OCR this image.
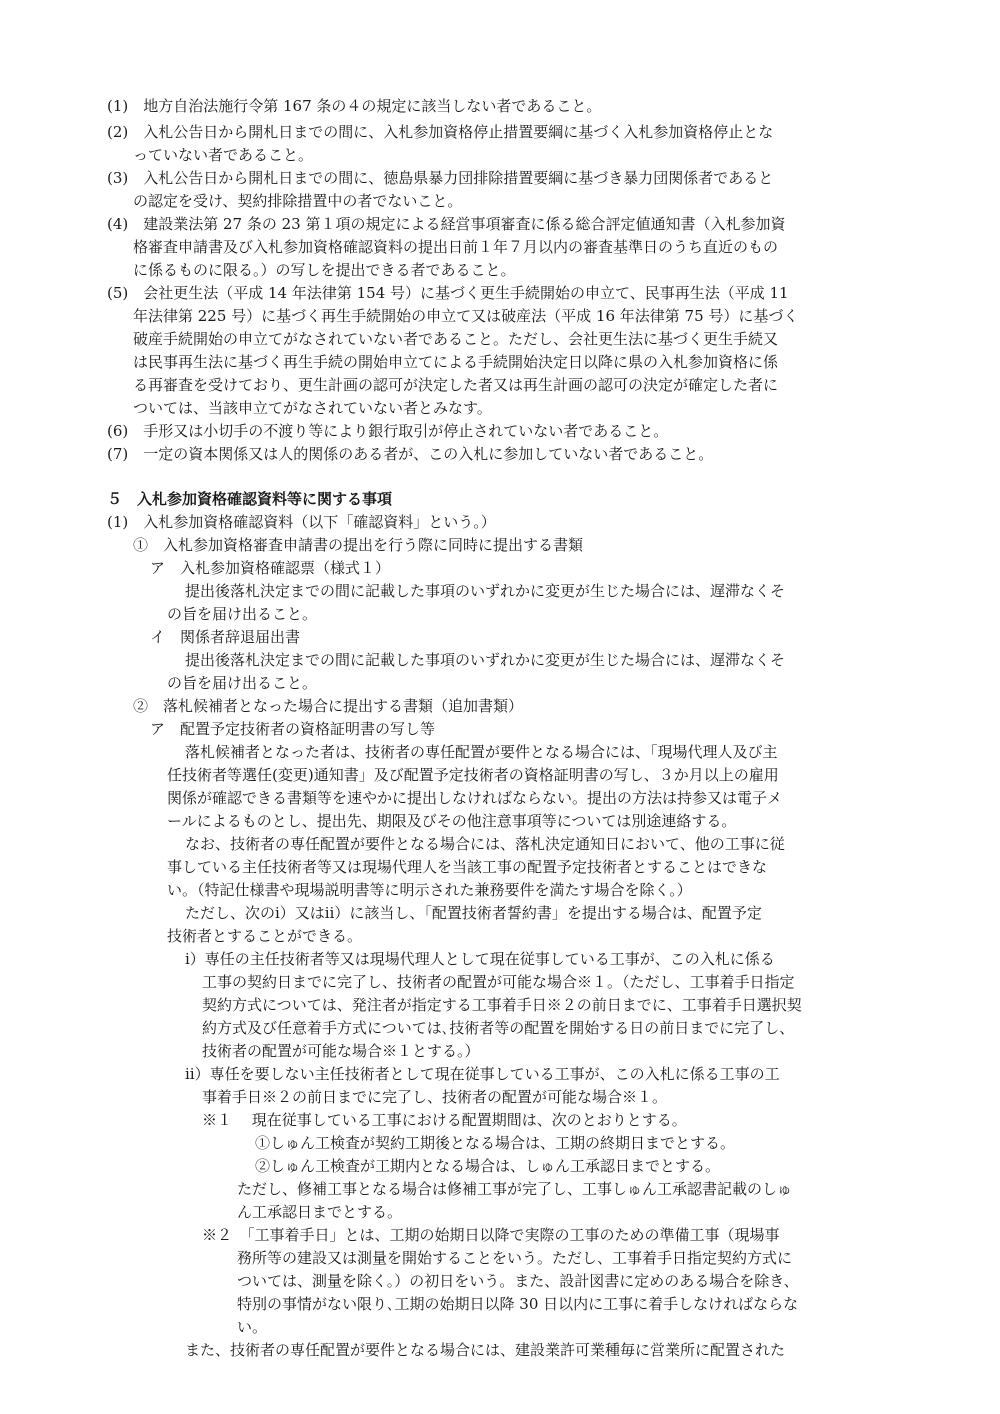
(1)　地方自治法施行令第 167 条の４の規定に該当しない者であること。
(2)　入札公告日から開札日までの間に、入札参加資格停止措置要綱に基づく入札参加資格停止とな
っていない者であること。
(3)　入札公告日から開札日までの間に、徳島県暴力団排除措置要綱に基づき暴力団関係者であると
の認定を受け、契約排除措置中の者でないこと。
(4)　建設業法第 27 条の 23 第１項の規定による経営事項審査に係る総合評定値通知書（入札参加資
格審査申請書及び入札参加資格確認資料の提出日前１年７月以内の審査基準日のうち直近のもの
に係るものに限る。）の写しを提出できる者であること。
(5)　会社更生法（平成 14 年法律第 154 号）に基づく更生手続開始の申立て、民事再生法（平成 11
年法律第 225 号）に基づく再生手続開始の申立て又は破産法（平成 16 年法律第 75 号）に基づく
破産手続開始の申立てがなされていない者であること。ただし、会社更生法に基づく更生手続又
は民事再生法に基づく再生手続の開始申立てによる手続開始決定日以降に県の入札参加資格に係
る再審査を受けており、更生計画の認可が決定した者又は再生計画の認可の決定が確定した者に
ついては、当該申立てがなされていない者とみなす。
(6)　手形又は小切手の不渡り等により銀行取引が停止されていない者であること。
(7)　一定の資本関係又は人的関係のある者が、この入札に参加していない者であること。
５　入札参加資格確認資料等に関する事項
(1)　入札参加資格確認資料（以下「確認資料」という。）
①　入札参加資格審査申請書の提出を行う際に同時に提出する書類
ア　入札参加資格確認票（様式１）
提出後落札決定までの間に記載した事項のいずれかに変更が生じた場合には、遅滞なくそ
の旨を届け出ること。
イ　関係者辞退届出書
提出後落札決定までの間に記載した事項のいずれかに変更が生じた場合には、遅滞なくそ
の旨を届け出ること。
②　落札候補者となった場合に提出する書類（追加書類）
ア　配置予定技術者の資格証明書の写し等
落札候補者となった者は、技術者の専任配置が要件となる場合には、「現場代理人及び主
任技術者等選任(変更)通知書」及び配置予定技術者の資格証明書の写し、３か月以上の雇用
関係が確認できる書類等を速やかに提出しなければならない。提出の方法は持参又は電子メ
ールによるものとし、提出先、期限及びその他注意事項等については別途連絡する。
なお、技術者の専任配置が要件となる場合には、落札決定通知日において、他の工事に従
事している主任技術者等又は現場代理人を当該工事の配置予定技術者とすることはできな
い。（特記仕様書や現場説明書等に明示された兼務要件を満たす場合を除く。）
ただし、次のⅰ）又はⅱ）に該当し、「配置技術者誓約書」を提出する場合は、配置予定
技術者とすることができる。
ⅰ）専任の主任技術者等又は現場代理人として現在従事している工事が、この入札に係る
工事の契約日までに完了し、技術者の配置が可能な場合※１。（ただし、工事着手日指定
契約方式については、発注者が指定する工事着手日※２の前日までに、工事着手日選択契
約方式及び任意着手方式については､技術者等の配置を開始する日の前日までに完了し、
技術者の配置が可能な場合※１とする。）
ⅱ）専任を要しない主任技術者として現在従事している工事が、この入札に係る工事の工
事着手日※２の前日までに完了し、技術者の配置が可能な場合※１。
※１　 現在従事している工事における配置期間は、次のとおりとする。
①しゅん工検査が契約工期後となる場合は、工期の終期日までとする。
②しゅん工検査が工期内となる場合は、しゅん工承認日までとする。
ただし、修補工事となる場合は修補工事が完了し、工事しゅん工承認書記載のしゅ
ん工承認日までとする。
※２　「工事着手日」とは、工期の始期日以降で実際の工事のための準備工事（現場事
務所等の建設又は測量を開始することをいう。ただし、工事着手日指定契約方式に
ついては、測量を除く。）の初日をいう。また、設計図書に定めのある場合を除き、
特別の事情がない限り､工期の始期日以降 30 日以内に工事に着手しなければならな
い。
また、技術者の専任配置が要件となる場合には、建設業許可業種毎に営業所に配置された
